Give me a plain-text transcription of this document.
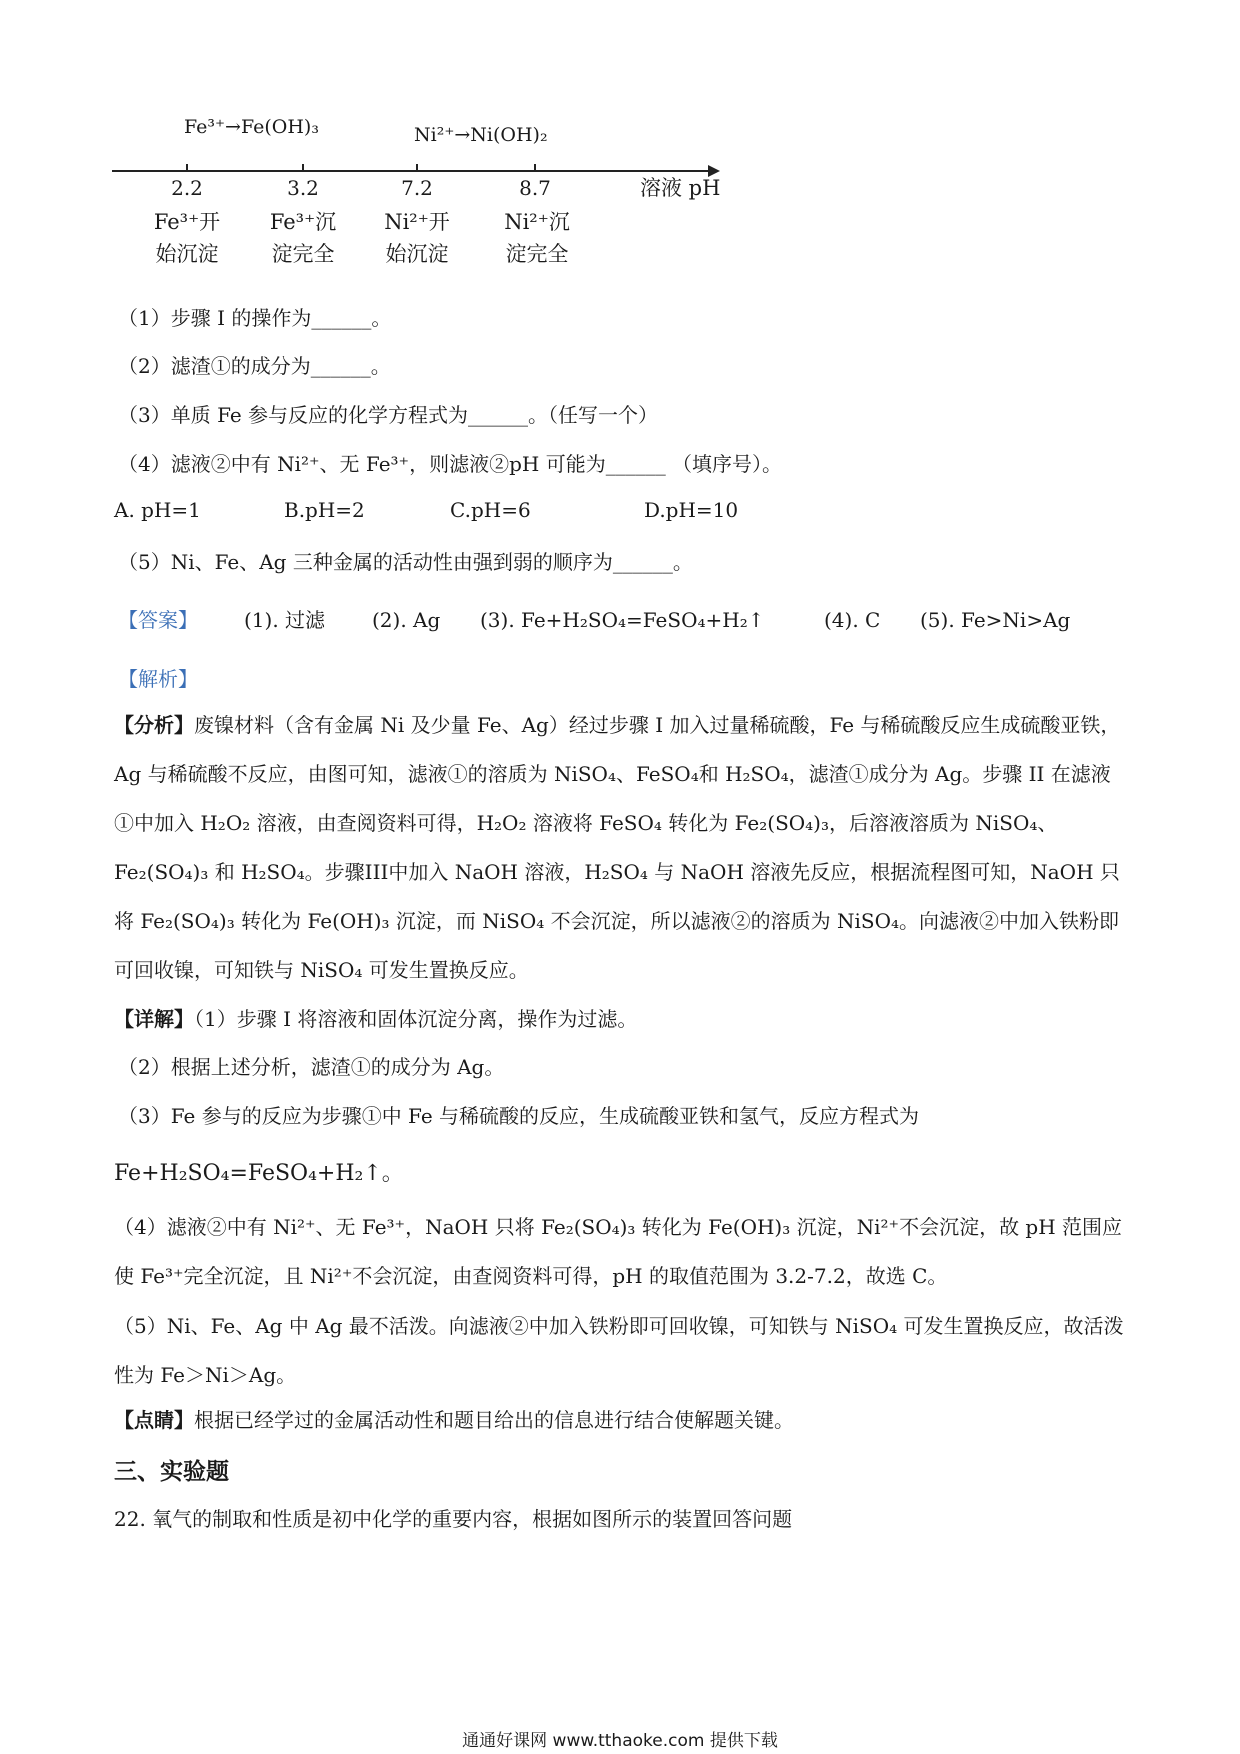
Fe³⁺→Fe(OH)₃	Ni²⁺→Ni(OH)₂
溶液 pH
2.2	3.2	7.2	8.7
Fe³⁺开
始沉淀
Fe³⁺沉
淀完全
Ni²⁺开
始沉淀
Ni²⁺沉
淀完全
（1）步骤 I 的操作为______。
（2）滤渣①的成分为______。
（3）单质 Fe 参与反应的化学方程式为______。（任写一个）
（4）滤液②中有 Ni²⁺、无 Fe³⁺，则滤液②pH 可能为______ （填序号）。
A. pH=1	B.pH=2	C.pH=6	D.pH=10
（5）Ni、Fe、Ag 三种金属的活动性由强到弱的顺序为______。
【答案】 (1). 过滤 (2). Ag (3). Fe+H₂SO₄=FeSO₄+H₂↑	(4). C (5). Fe>Ni>Ag
【解析】
【分析】废镍材料（含有金属 Ni 及少量 Fe、Ag）经过步骤 I 加入过量稀硫酸，Fe 与稀硫酸反应生成硫酸亚铁，Ag 与稀硫酸不反应，由图可知，滤液①的溶质为 NiSO₄、FeSO₄和 H₂SO₄，滤渣①成分为 Ag。步骤 II 在滤液①中加入 H₂O₂ 溶液，由查阅资料可得，H₂O₂ 溶液将 FeSO₄ 转化为 Fe₂(SO₄)₃，后溶液溶质为 NiSO₄、Fe₂(SO₄)₃ 和 H₂SO₄。步骤III中加入 NaOH 溶液，H₂SO₄ 与 NaOH 溶液先反应，根据流程图可知，NaOH 只将 Fe₂(SO₄)₃ 转化为 Fe(OH)₃ 沉淀，而 NiSO₄ 不会沉淀，所以滤液②的溶质为 NiSO₄。向滤液②中加入铁粉即可回收镍，可知铁与 NiSO₄ 可发生置换反应。
【详解】（1）步骤 I 将溶液和固体沉淀分离，操作为过滤。
（2）根据上述分析，滤渣①的成分为 Ag。
（3）Fe 参与的反应为步骤①中 Fe 与稀硫酸的反应，生成硫酸亚铁和氢气，反应方程式为
Fe+H₂SO₄=FeSO₄+H₂↑。
（4）滤液②中有 Ni²⁺、无 Fe³⁺，NaOH 只将 Fe₂(SO₄)₃ 转化为 Fe(OH)₃ 沉淀，Ni²⁺不会沉淀，故 pH 范围应使 Fe³⁺完全沉淀，且 Ni²⁺不会沉淀，由查阅资料可得，pH 的取值范围为 3.2-7.2，故选 C。
（5）Ni、Fe、Ag 中 Ag 最不活泼。向滤液②中加入铁粉即可回收镍，可知铁与 NiSO₄ 可发生置换反应，故活泼性为 Fe＞Ni＞Ag。
【点睛】根据已经学过的金属活动性和题目给出的信息进行结合使解题关键。
三、实验题
22. 氧气的制取和性质是初中化学的重要内容，根据如图所示的装置回答问题
通通好课网 www.tthaoke.com 提供下载
